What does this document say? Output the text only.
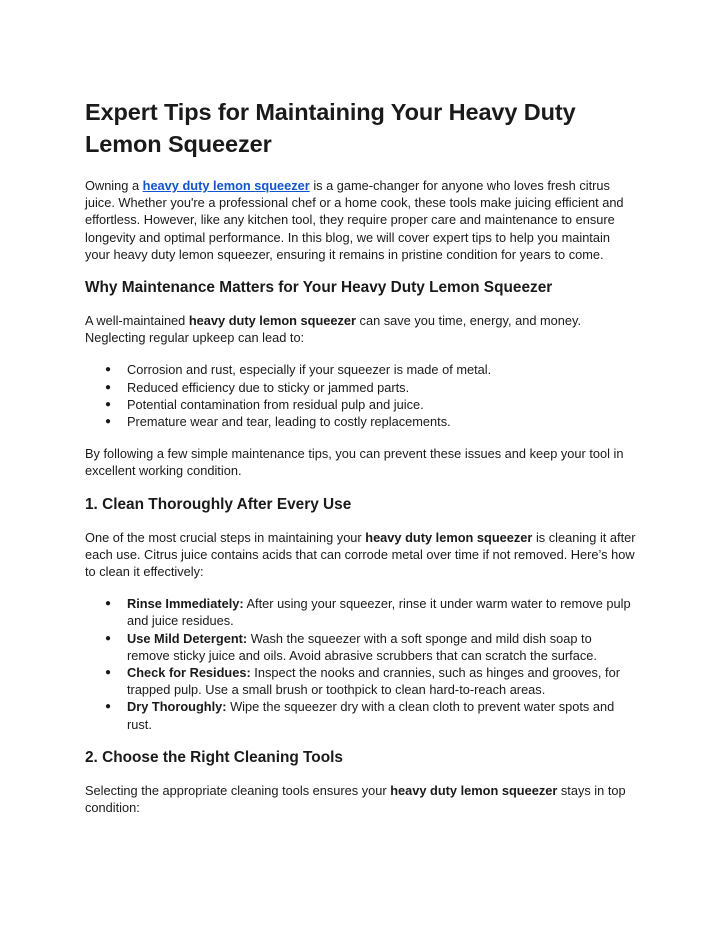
Expert Tips for Maintaining Your Heavy Duty Lemon Squeezer

Owning a heavy duty lemon squeezer is a game-changer for anyone who loves fresh citrus juice. Whether you're a professional chef or a home cook, these tools make juicing efficient and effortless. However, like any kitchen tool, they require proper care and maintenance to ensure longevity and optimal performance. In this blog, we will cover expert tips to help you maintain your heavy duty lemon squeezer, ensuring it remains in pristine condition for years to come.

Why Maintenance Matters for Your Heavy Duty Lemon Squeezer

A well-maintained heavy duty lemon squeezer can save you time, energy, and money. Neglecting regular upkeep can lead to:

● Corrosion and rust, especially if your squeezer is made of metal.
● Reduced efficiency due to sticky or jammed parts.
● Potential contamination from residual pulp and juice.
● Premature wear and tear, leading to costly replacements.

By following a few simple maintenance tips, you can prevent these issues and keep your tool in excellent working condition.

1. Clean Thoroughly After Every Use

One of the most crucial steps in maintaining your heavy duty lemon squeezer is cleaning it after each use. Citrus juice contains acids that can corrode metal over time if not removed. Here’s how to clean it effectively:

● Rinse Immediately: After using your squeezer, rinse it under warm water to remove pulp and juice residues.
● Use Mild Detergent: Wash the squeezer with a soft sponge and mild dish soap to remove sticky juice and oils. Avoid abrasive scrubbers that can scratch the surface.
● Check for Residues: Inspect the nooks and crannies, such as hinges and grooves, for trapped pulp. Use a small brush or toothpick to clean hard-to-reach areas.
● Dry Thoroughly: Wipe the squeezer dry with a clean cloth to prevent water spots and rust.
2. Choose the Right Cleaning Tools

Selecting the appropriate cleaning tools ensures your heavy duty lemon squeezer stays in top condition:
